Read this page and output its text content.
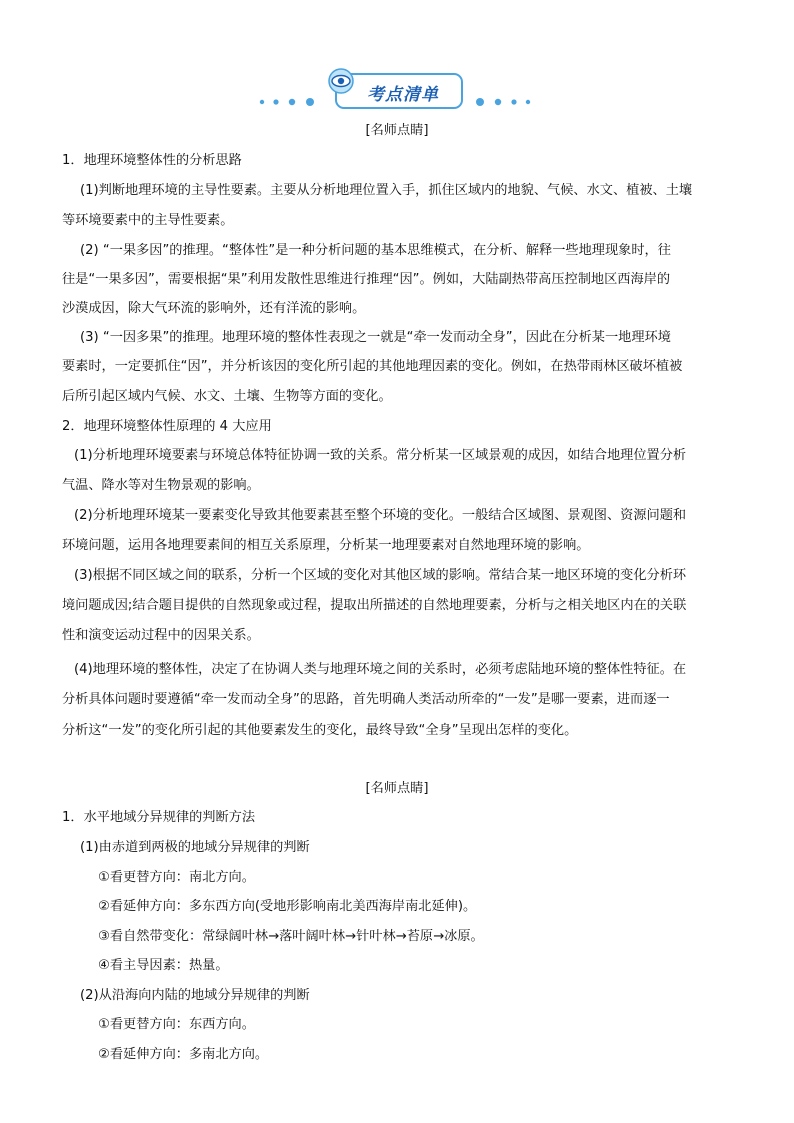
考点清单
[名师点睛]
1．地理环境整体性的分析思路
(1)判断地理环境的主导性要素。主要从分析地理位置入手，抓住区域内的地貌、气候、水文、植被、土壤
等环境要素中的主导性要素。
(2) “一果多因”的推理。“整体性”是一种分析问题的基本思维模式，在分析、解释一些地理现象时，往
往是“一果多因”，需要根据“果”利用发散性思维进行推理“因”。例如，大陆副热带高压控制地区西海岸的
沙漠成因，除大气环流的影响外，还有洋流的影响。
(3) “一因多果”的推理。地理环境的整体性表现之一就是“牵一发而动全身”，因此在分析某一地理环境
要素时，一定要抓住“因”，并分析该因的变化所引起的其他地理因素的变化。例如，在热带雨林区破坏植被
后所引起区域内气候、水文、土壤、生物等方面的变化。
2．地理环境整体性原理的 4 大应用
(1)分析地理环境要素与环境总体特征协调一致的关系。常分析某一区域景观的成因，如结合地理位置分析
气温、降水等对生物景观的影响。
(2)分析地理环境某一要素变化导致其他要素甚至整个环境的变化。一般结合区域图、景观图、资源问题和
环境问题，运用各地理要素间的相互关系原理，分析某一地理要素对自然地理环境的影响。
(3)根据不同区域之间的联系，分析一个区域的变化对其他区域的影响。常结合某一地区环境的变化分析环
境问题成因;结合题目提供的自然现象或过程，提取出所描述的自然地理要素，分析与之相关地区内在的关联
性和演变运动过程中的因果关系。
(4)地理环境的整体性，决定了在协调人类与地理环境之间的关系时，必须考虑陆地环境的整体性特征。在
分析具体问题时要遵循“牵一发而动全身”的思路，首先明确人类活动所牵的“一发”是哪一要素，进而逐一
分析这“一发”的变化所引起的其他要素发生的变化，最终导致“全身”呈现出怎样的变化。
[名师点睛]
1．水平地域分异规律的判断方法
(1)由赤道到两极的地域分异规律的判断
①看更替方向：南北方向。
②看延伸方向：多东西方向(受地形影响南北美西海岸南北延伸)。
③看自然带变化：常绿阔叶林→落叶阔叶林→针叶林→苔原→冰原。
④看主导因素：热量。
(2)从沿海向内陆的地域分异规律的判断
①看更替方向：东西方向。
②看延伸方向：多南北方向。
